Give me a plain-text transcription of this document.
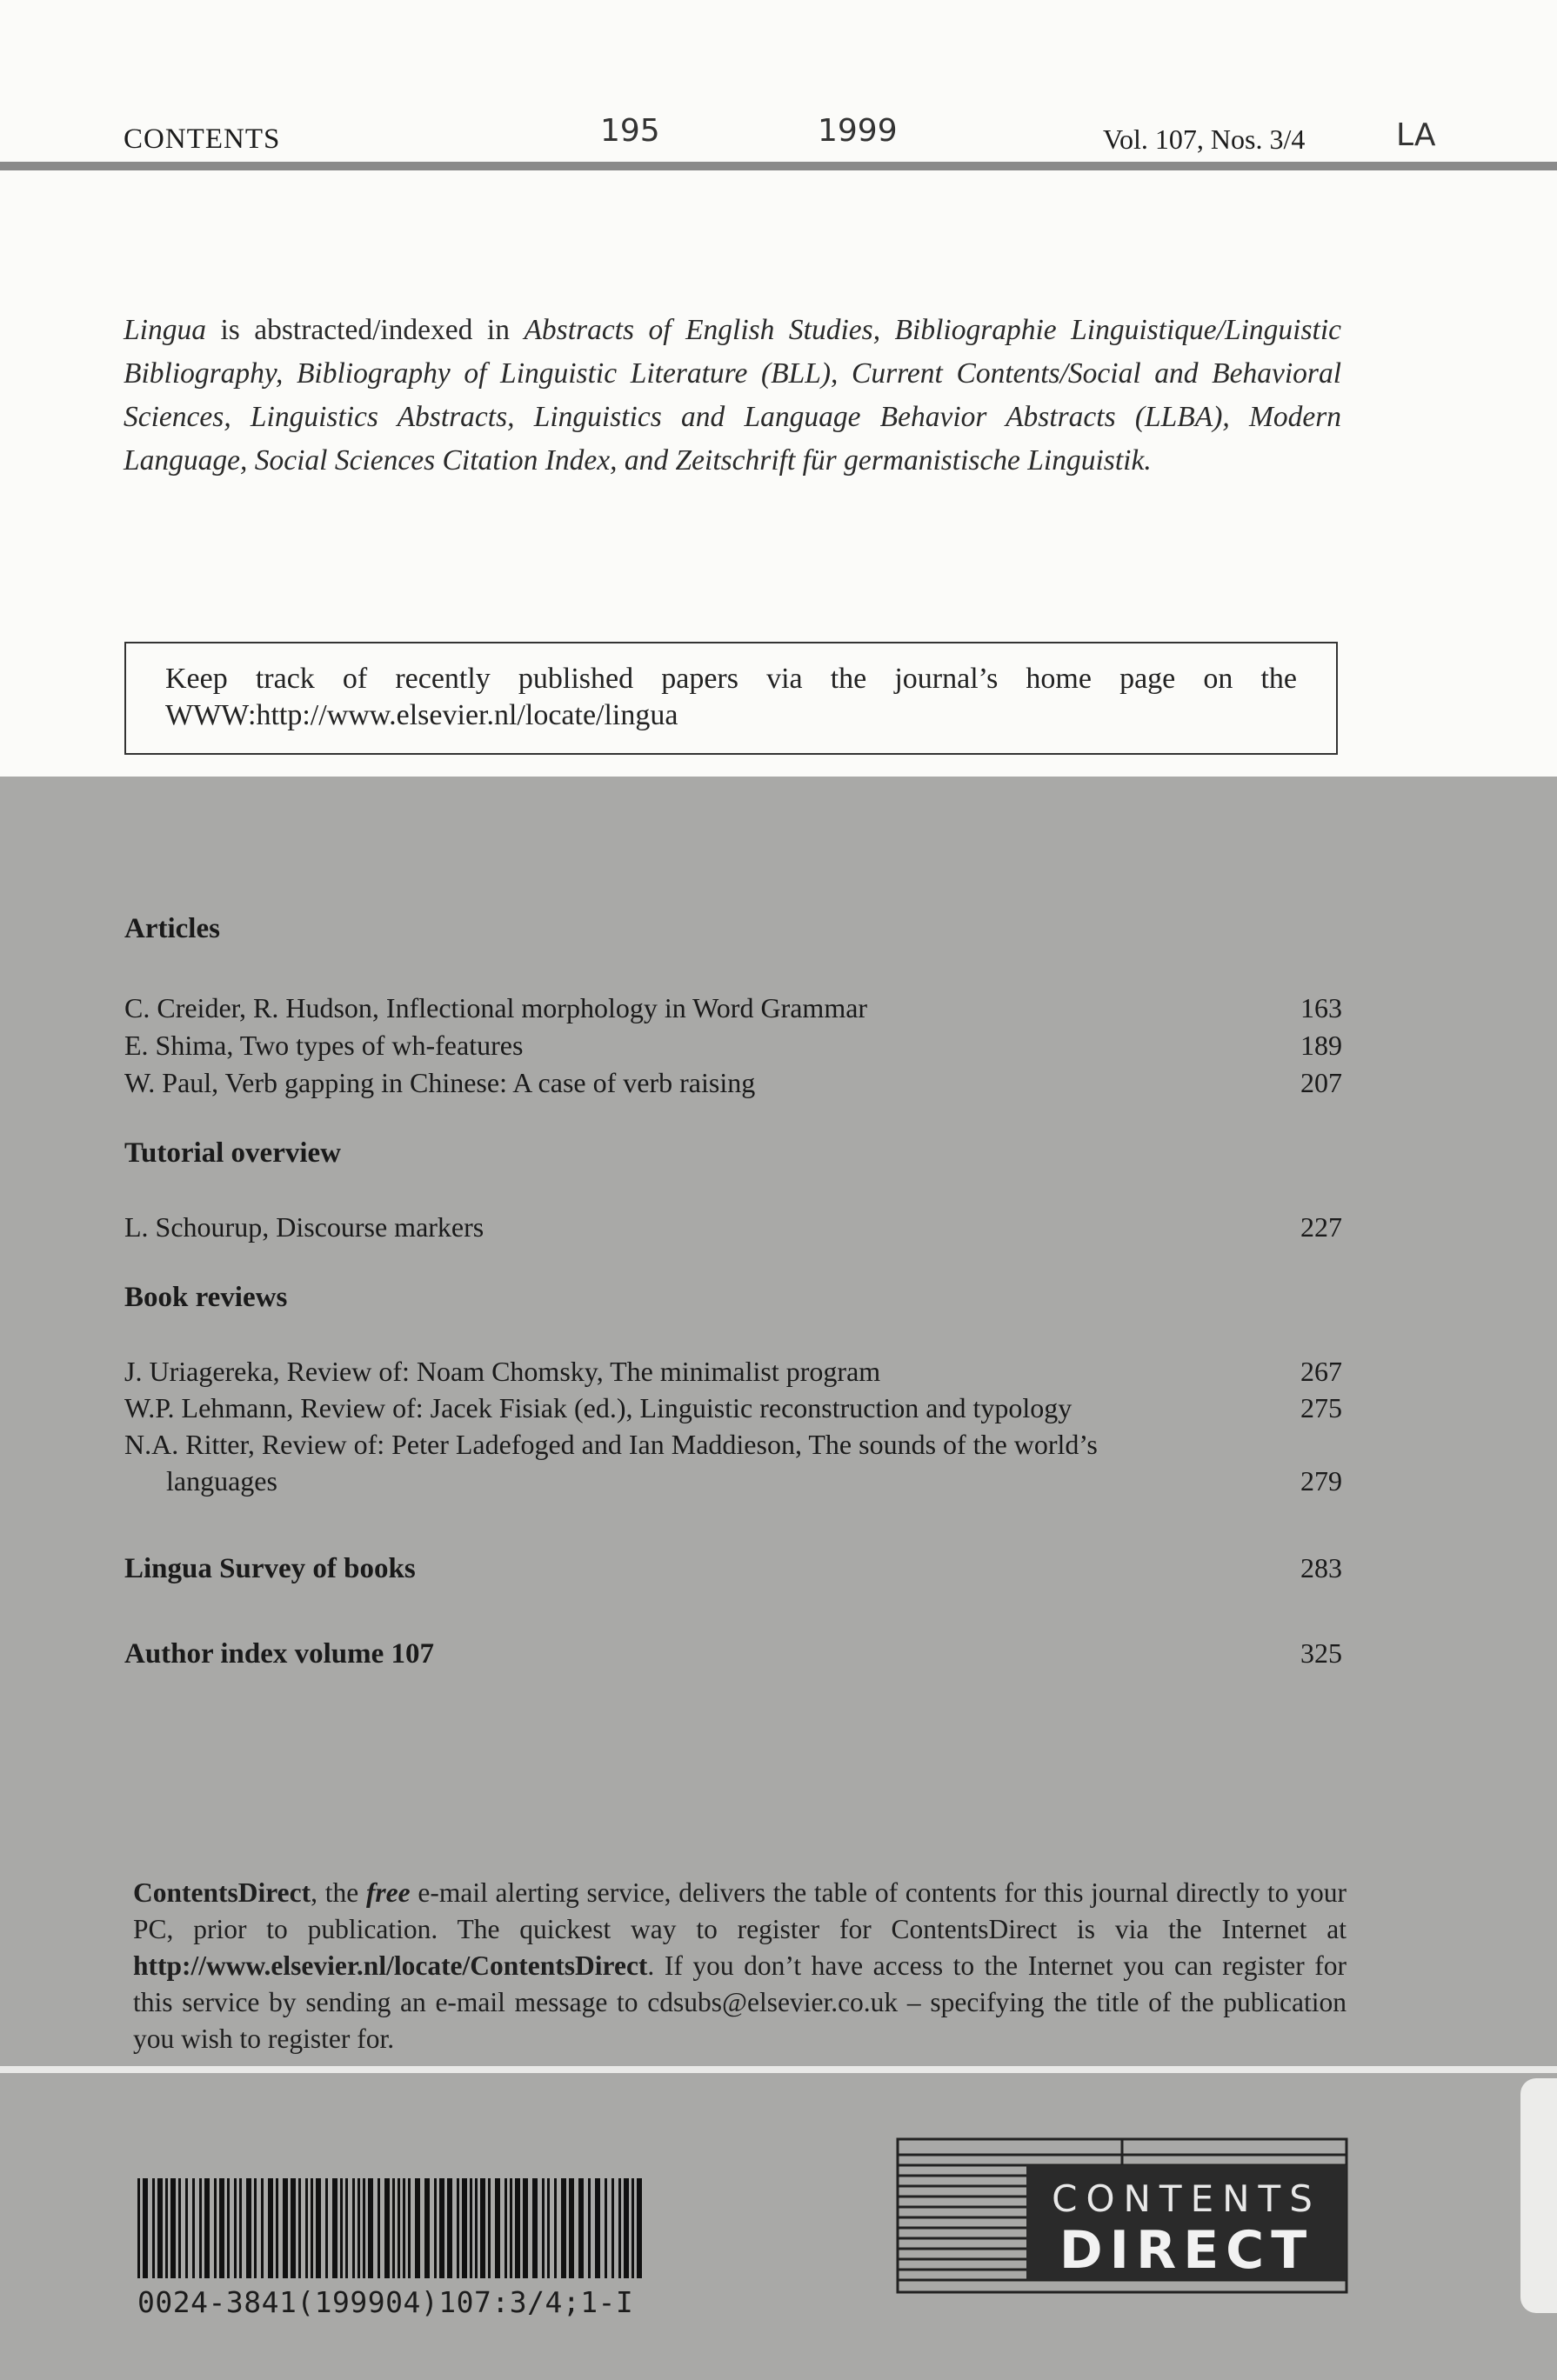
CONTENTS	195	1999	Vol. 107, Nos. 3/4	LA
Lingua is abstracted/indexed in Abstracts of English Studies, Bibliographie Linguistique/Linguistic Bibliography, Bibliography of Linguistic Literature (BLL), Current Contents/Social and Behavioral Sciences, Linguistics Abstracts, Linguistics and Language Behavior Abstracts (LLBA), Modern Language, Social Sciences Citation Index, and Zeitschrift für germanistische Linguistik.
Keep track of recently published papers via the journal’s home page on the WWW:http://www.elsevier.nl/locate/lingua
Articles
C. Creider, R. Hudson, Inflectional morphology in Word Grammar	163
E. Shima, Two types of wh-features	189
W. Paul, Verb gapping in Chinese: A case of verb raising	207
Tutorial overview
L. Schourup, Discourse markers	227
Book reviews
J. Uriagereka, Review of: Noam Chomsky, The minimalist program	267
W.P. Lehmann, Review of: Jacek Fisiak (ed.), Linguistic reconstruction and typology	275
N.A. Ritter, Review of: Peter Ladefoged and Ian Maddieson, The sounds of the world’s
languages	279
Lingua Survey of books	283
Author index volume 107	325
ContentsDirect, the free e-mail alerting service, delivers the table of contents for this journal directly to your PC, prior to publication. The quickest way to register for ContentsDirect is via the Internet at http://www.elsevier.nl/locate/ContentsDirect. If you don’t have access to the Internet you can register for this service by sending an e-mail message to cdsubs@elsevier.co.uk – specifying the title of the publication you wish to register for.
0024-3841(199904)107:3/4;1-I
CONTENTS
DIRECT
